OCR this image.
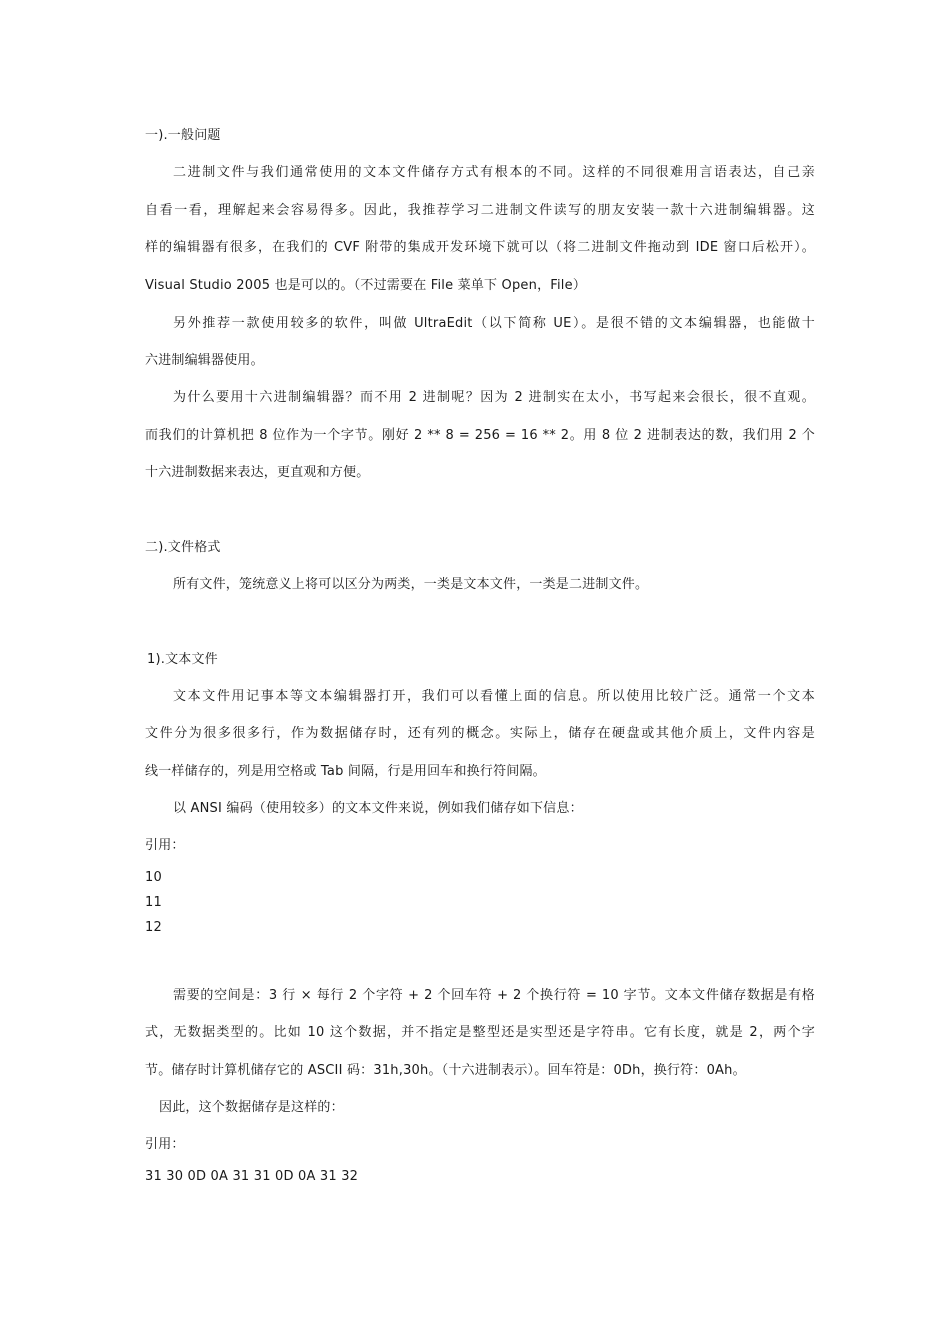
一).一般问题
二进制文件与我们通常使用的文本文件储存方式有根本的不同。这样的不同很难用言语表达，自己亲
自看一看，理解起来会容易得多。因此，我推荐学习二进制文件读写的朋友安装一款十六进制编辑器。这
样的编辑器有很多，在我们的 CVF 附带的集成开发环境下就可以（将二进制文件拖动到 IDE 窗口后松开）。
Visual Studio 2005 也是可以的。（不过需要在 File 菜单下 Open，File）
另外推荐一款使用较多的软件，叫做 UltraEdit（以下简称 UE）。是很不错的文本编辑器，也能做十
六进制编辑器使用。
为什么要用十六进制编辑器？而不用 2 进制呢？因为 2 进制实在太小，书写起来会很长，很不直观。
而我们的计算机把 8 位作为一个字节。刚好 2 ** 8 = 256 = 16 ** 2。用 8 位 2 进制表达的数，我们用 2 个
十六进制数据来表达，更直观和方便。
二).文件格式
所有文件，笼统意义上将可以区分为两类，一类是文本文件，一类是二进制文件。
1).文本文件
文本文件用记事本等文本编辑器打开，我们可以看懂上面的信息。所以使用比较广泛。通常一个文本
文件分为很多很多行，作为数据储存时，还有列的概念。实际上，储存在硬盘或其他介质上，文件内容是
线一样储存的，列是用空格或 Tab 间隔，行是用回车和换行符间隔。
以 ANSI 编码（使用较多）的文本文件来说，例如我们储存如下信息：
引用：
10
11
12
需要的空间是：3 行 × 每行 2 个字符 + 2 个回车符 + 2 个换行符 = 10 字节。文本文件储存数据是有格
式，无数据类型的。比如 10 这个数据，并不指定是整型还是实型还是字符串。它有长度，就是 2，两个字
节。储存时计算机储存它的 ASCII 码：31h,30h。（十六进制表示）。回车符是：0Dh，换行符：0Ah。
因此，这个数据储存是这样的：
引用：
31 30 0D 0A 31 31 0D 0A 31 32
